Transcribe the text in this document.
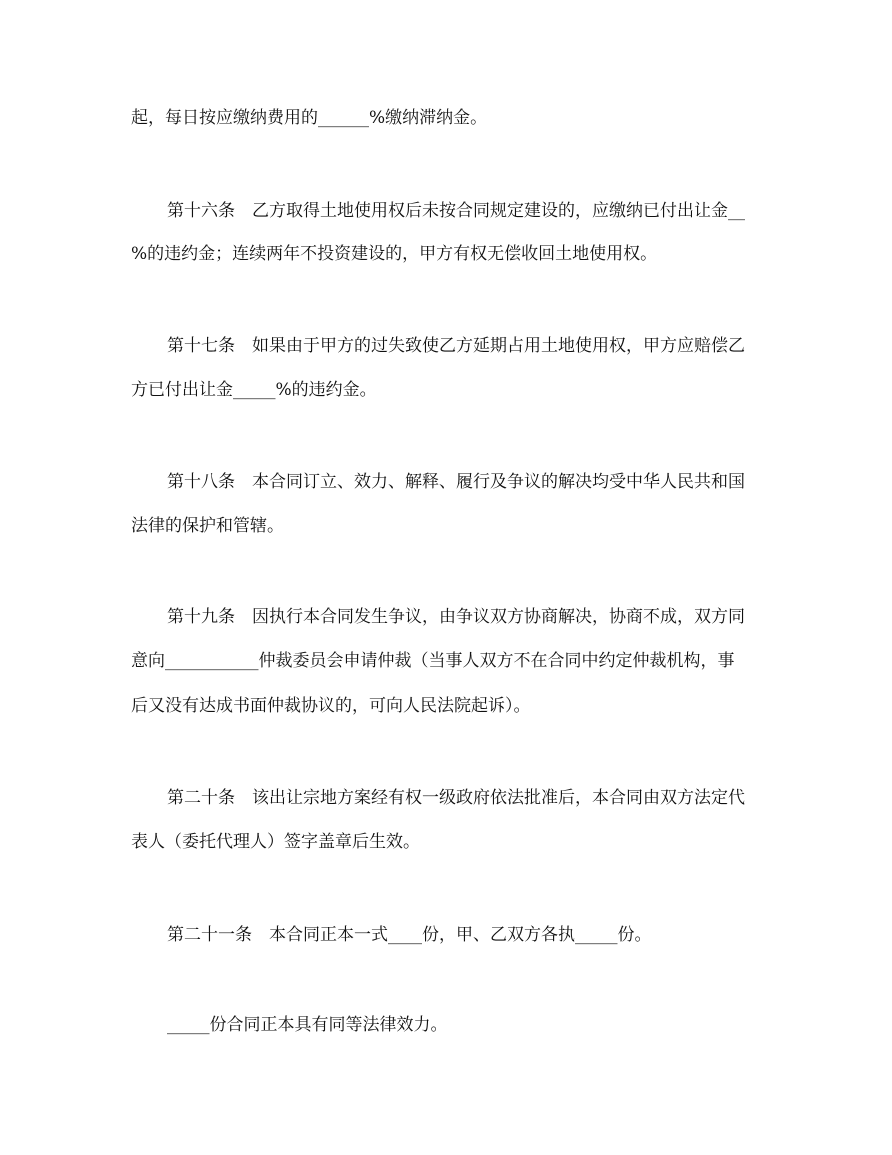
起，每日按应缴纳费用的______%缴纳滞纳金。
第十六条　乙方取得土地使用权后未按合同规定建设的，应缴纳已付出让金__
%的违约金；连续两年不投资建设的，甲方有权无偿收回土地使用权。
第十七条　如果由于甲方的过失致使乙方延期占用土地使用权，甲方应赔偿乙
方已付出让金_____%的违约金。
第十八条　本合同订立、效力、解释、履行及争议的解决均受中华人民共和国
法律的保护和管辖。
第十九条　因执行本合同发生争议，由争议双方协商解决，协商不成，双方同
意向___________仲裁委员会申请仲裁（当事人双方不在合同中约定仲裁机构，事
后又没有达成书面仲裁协议的，可向人民法院起诉）。
第二十条　该出让宗地方案经有权一级政府依法批准后，本合同由双方法定代
表人（委托代理人）签字盖章后生效。
第二十一条　本合同正本一式____份，甲、乙双方各执_____份。
_____份合同正本具有同等法律效力。
